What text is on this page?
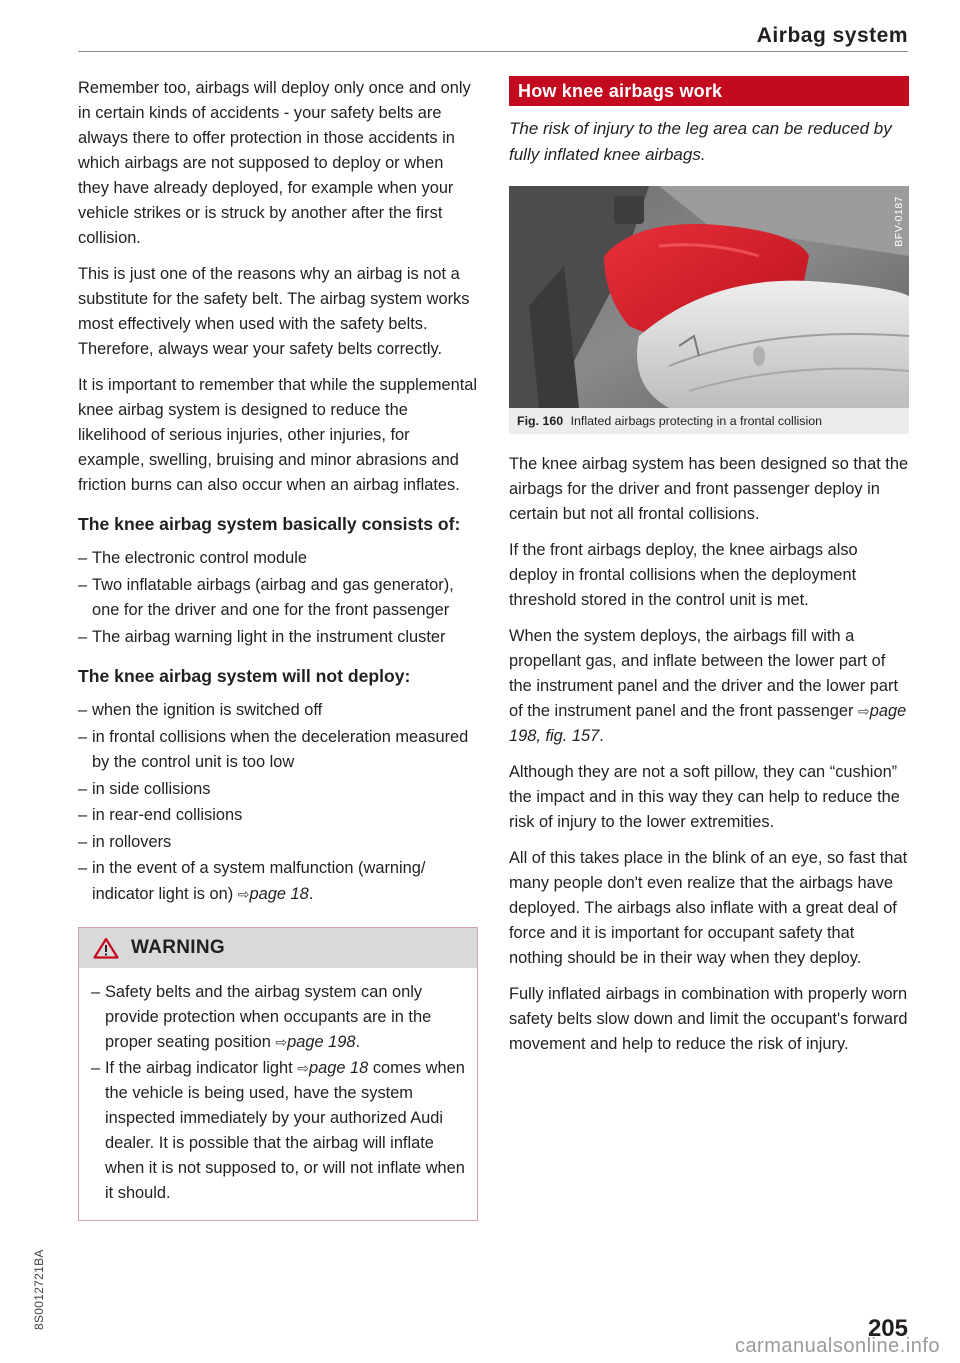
Airbag system

Remember too, airbags will deploy only once and only in certain kinds of accidents - your safety belts are always there to offer protection in those accidents in which airbags are not supposed to deploy or when they have already deployed, for example when your vehicle strikes or is struck by another after the first collision.

This is just one of the reasons why an airbag is not a substitute for the safety belt. The airbag system works most effectively when used with the safety belts. Therefore, always wear your safety belts correctly.

It is important to remember that while the supplemental knee airbag system is designed to reduce the likelihood of serious injuries, other injuries, for example, swelling, bruising and minor abrasions and friction burns can also occur when an airbag inflates.

The knee airbag system basically consists of:
– The electronic control module
– Two inflatable airbags (airbag and gas generator), one for the driver and one for the front passenger
– The airbag warning light in the instrument cluster
The knee airbag system will not deploy:
– when the ignition is switched off
– in frontal collisions when the deceleration measured by the control unit is too low
– in side collisions
– in rear-end collisions
– in rollovers
– in the event of a system malfunction (warning/ indicator light is on) ⇨page 18.
WARNING
– Safety belts and the airbag system can only provide protection when occupants are in the proper seating position ⇨page 198.
– If the airbag indicator light ⇨page 18 comes when the vehicle is being used, have the system inspected immediately by your authorized Audi dealer. It is possible that the airbag will inflate when it is not supposed to, or will not inflate when it should.
How knee airbags work

The risk of injury to the leg area can be reduced by fully inflated knee airbags.

BFV-0187
Fig. 160 Inflated airbags protecting in a frontal collision

The knee airbag system has been designed so that the airbags for the driver and front passenger deploy in certain but not all frontal collisions.

If the front airbags deploy, the knee airbags also deploy in frontal collisions when the deployment threshold stored in the control unit is met.

When the system deploys, the airbags fill with a propellant gas, and inflate between the lower part of the instrument panel and the driver and the lower part of the instrument panel and the front passenger ⇨page 198, fig. 157.

Although they are not a soft pillow, they can “cushion” the impact and in this way they can help to reduce the risk of injury to the lower extremities.

All of this takes place in the blink of an eye, so fast that many people don't even realize that the airbags have deployed. The airbags also inflate with a great deal of force and it is important for occupant safety that nothing should be in their way when they deploy.

Fully inflated airbags in combination with properly worn safety belts slow down and limit the occupant's forward movement and help to reduce the risk of injury.

8S0012721BA	205
carmanualsonline.info
